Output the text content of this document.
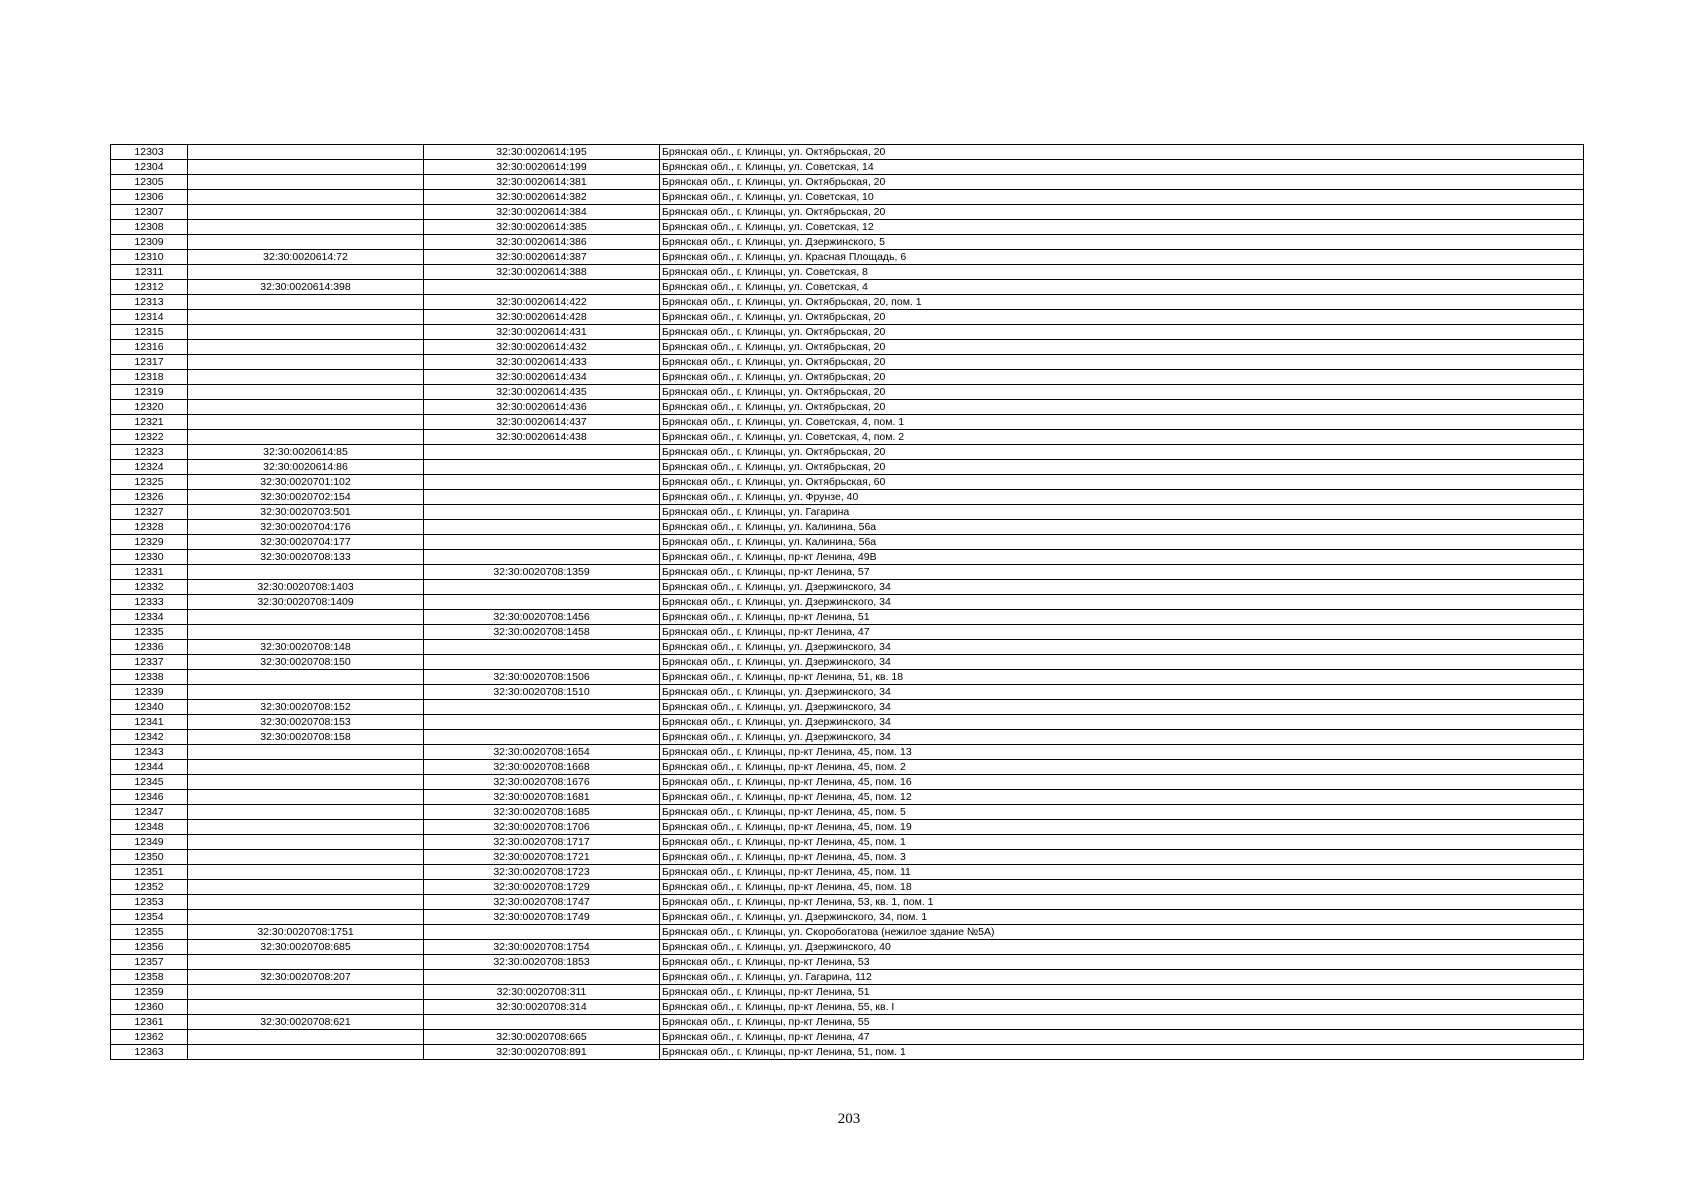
12303		32:30:0020614:195	Брянская обл., г. Клинцы, ул. Октябрьская, 20
12304		32:30:0020614:199	Брянская обл., г. Клинцы, ул. Советская, 14
12305		32:30:0020614:381	Брянская обл., г. Клинцы, ул. Октябрьская, 20
12306		32:30:0020614:382	Брянская обл., г. Клинцы, ул. Советская, 10
12307		32:30:0020614:384	Брянская обл., г. Клинцы, ул. Октябрьская, 20
12308		32:30:0020614:385	Брянская обл., г. Клинцы, ул. Советская, 12
12309		32:30:0020614:386	Брянская обл., г. Клинцы, ул. Дзержинского, 5
12310	32:30:0020614:72	32:30:0020614:387	Брянская обл., г. Клинцы, ул. Красная Площадь, 6
12311		32:30:0020614:388	Брянская обл., г. Клинцы, ул. Советская, 8
12312	32:30:0020614:398		Брянская обл., г. Клинцы, ул. Советская, 4
12313		32:30:0020614:422	Брянская обл., г. Клинцы, ул. Октябрьская, 20, пом. 1
12314		32:30:0020614:428	Брянская обл., г. Клинцы, ул. Октябрьская, 20
12315		32:30:0020614:431	Брянская обл., г. Клинцы, ул. Октябрьская, 20
12316		32:30:0020614:432	Брянская обл., г. Клинцы, ул. Октябрьская, 20
12317		32:30:0020614:433	Брянская обл., г. Клинцы, ул. Октябрьская, 20
12318		32:30:0020614:434	Брянская обл., г. Клинцы, ул. Октябрьская, 20
12319		32:30:0020614:435	Брянская обл., г. Клинцы, ул. Октябрьская, 20
12320		32:30:0020614:436	Брянская обл., г. Клинцы, ул. Октябрьская, 20
12321		32:30:0020614:437	Брянская обл., г. Клинцы, ул. Советская, 4, пом. 1
12322		32:30:0020614:438	Брянская обл., г. Клинцы, ул. Советская, 4, пом. 2
12323	32:30:0020614:85		Брянская обл., г. Клинцы, ул. Октябрьская, 20
12324	32:30:0020614:86		Брянская обл., г. Клинцы, ул. Октябрьская, 20
12325	32:30:0020701:102		Брянская обл., г. Клинцы, ул. Октябрьская, 60
12326	32:30:0020702:154		Брянская обл., г. Клинцы, ул. Фрунзе, 40
12327	32:30:0020703:501		Брянская обл., г. Клинцы, ул. Гагарина
12328	32:30:0020704:176		Брянская обл., г. Клинцы, ул. Калинина, 56а
12329	32:30:0020704:177		Брянская обл., г. Клинцы, ул. Калинина, 56а
12330	32:30:0020708:133		Брянская обл., г. Клинцы, пр-кт Ленина, 49В
12331		32:30:0020708:1359	Брянская обл., г. Клинцы, пр-кт Ленина, 57
12332	32:30:0020708:1403		Брянская обл., г. Клинцы, ул. Дзержинского, 34
12333	32:30:0020708:1409		Брянская обл., г. Клинцы, ул. Дзержинского, 34
12334		32:30:0020708:1456	Брянская обл., г. Клинцы, пр-кт Ленина, 51
12335		32:30:0020708:1458	Брянская обл., г. Клинцы, пр-кт Ленина, 47
12336	32:30:0020708:148		Брянская обл., г. Клинцы, ул. Дзержинского, 34
12337	32:30:0020708:150		Брянская обл., г. Клинцы, ул. Дзержинского, 34
12338		32:30:0020708:1506	Брянская обл., г. Клинцы, пр-кт Ленина, 51, кв. 18
12339		32:30:0020708:1510	Брянская обл., г. Клинцы, ул. Дзержинского, 34
12340	32:30:0020708:152		Брянская обл., г. Клинцы, ул. Дзержинского, 34
12341	32:30:0020708:153		Брянская обл., г. Клинцы, ул. Дзержинского, 34
12342	32:30:0020708:158		Брянская обл., г. Клинцы, ул. Дзержинского, 34
12343		32:30:0020708:1654	Брянская обл., г. Клинцы, пр-кт Ленина, 45, пом. 13
12344		32:30:0020708:1668	Брянская обл., г. Клинцы, пр-кт Ленина, 45, пом. 2
12345		32:30:0020708:1676	Брянская обл., г. Клинцы, пр-кт Ленина, 45, пом. 16
12346		32:30:0020708:1681	Брянская обл., г. Клинцы, пр-кт Ленина, 45, пом. 12
12347		32:30:0020708:1685	Брянская обл., г. Клинцы, пр-кт Ленина, 45, пом. 5
12348		32:30:0020708:1706	Брянская обл., г. Клинцы, пр-кт Ленина, 45, пом. 19
12349		32:30:0020708:1717	Брянская обл., г. Клинцы, пр-кт Ленина, 45, пом. 1
12350		32:30:0020708:1721	Брянская обл., г. Клинцы, пр-кт Ленина, 45, пом. 3
12351		32:30:0020708:1723	Брянская обл., г. Клинцы, пр-кт Ленина, 45, пом. 11
12352		32:30:0020708:1729	Брянская обл., г. Клинцы, пр-кт Ленина, 45, пом. 18
12353		32:30:0020708:1747	Брянская обл., г. Клинцы, пр-кт Ленина, 53, кв. 1, пом. 1
12354		32:30:0020708:1749	Брянская обл., г. Клинцы, ул. Дзержинского, 34, пом. 1
12355	32:30:0020708:1751		Брянская обл., г. Клинцы, ул. Скоробогатова (нежилое здание №5А)
12356	32:30:0020708:685	32:30:0020708:1754	Брянская обл., г. Клинцы, ул. Дзержинского, 40
12357		32:30:0020708:1853	Брянская обл., г. Клинцы, пр-кт Ленина, 53
12358	32:30:0020708:207		Брянская обл., г. Клинцы, ул. Гагарина, 112
12359		32:30:0020708:311	Брянская обл., г. Клинцы, пр-кт Ленина, 51
12360		32:30:0020708:314	Брянская обл., г. Клинцы, пр-кт Ленина, 55, кв. I
12361	32:30:0020708:621		Брянская обл., г. Клинцы, пр-кт Ленина, 55
12362		32:30:0020708:665	Брянская обл., г. Клинцы, пр-кт Ленина, 47
12363		32:30:0020708:891	Брянская обл., г. Клинцы, пр-кт Ленина, 51, пом. 1
203
